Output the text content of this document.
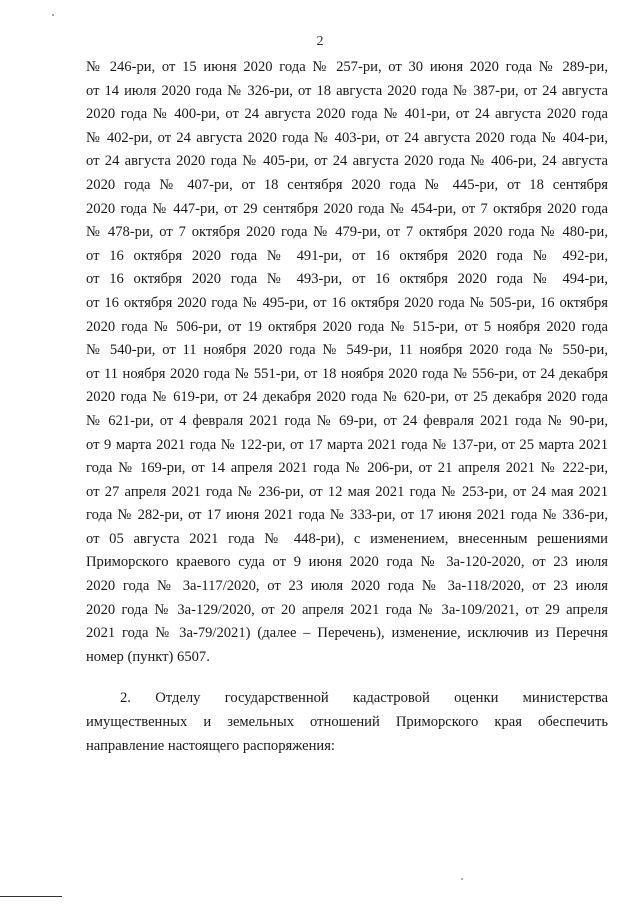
2
№ 246-ри, от 15 июня 2020 года № 257-ри, от 30 июня 2020 года № 289-ри,
от 14 июля 2020 года № 326-ри, от 18 августа 2020 года № 387-ри, от 24 августа
2020 года № 400-ри, от 24 августа 2020 года № 401-ри, от 24 августа 2020 года
№ 402-ри, от 24 августа 2020 года № 403-ри, от 24 августа 2020 года № 404-ри,
от 24 августа 2020 года № 405-ри, от 24 августа 2020 года № 406-ри, 24 августа
2020 года № 407-ри, от 18 сентября 2020 года № 445-ри, от 18 сентября
2020 года № 447-ри, от 29 сентября 2020 года № 454-ри, от 7 октября 2020 года
№ 478-ри, от 7 октября 2020 года № 479-ри, от 7 октября 2020 года № 480-ри,
от 16 октября 2020 года № 491-ри, от 16 октября 2020 года № 492-ри,
от 16 октября 2020 года № 493-ри, от 16 октября 2020 года № 494-ри,
от 16 октября 2020 года № 495-ри, от 16 октября 2020 года № 505-ри, 16 октября
2020 года № 506-ри, от 19 октября 2020 года № 515-ри, от 5 ноября 2020 года
№ 540-ри, от 11 ноября 2020 года № 549-ри, 11 ноября 2020 года № 550-ри,
от 11 ноября 2020 года № 551-ри, от 18 ноября 2020 года № 556-ри, от 24 декабря
2020 года № 619-ри, от 24 декабря 2020 года № 620-ри, от 25 декабря 2020 года
№ 621-ри, от 4 февраля 2021 года № 69-ри, от 24 февраля 2021 года № 90-ри,
от 9 марта 2021 года № 122-ри, от 17 марта 2021 года № 137-ри, от 25 марта 2021
года № 169-ри, от 14 апреля 2021 года № 206-ри, от 21 апреля 2021 № 222-ри,
от 27 апреля 2021 года № 236-ри, от 12 мая 2021 года № 253-ри, от 24 мая 2021
года № 282-ри, от 17 июня 2021 года № 333-ри, от 17 июня 2021 года № 336-ри,
от 05 августа 2021 года № 448-ри), с изменением, внесенным решениями
Приморского краевого суда от 9 июня 2020 года № 3а-120-2020, от 23 июля
2020 года № 3а-117/2020, от 23 июля 2020 года № 3а-118/2020, от 23 июля
2020 года № 3а-129/2020, от 20 апреля 2021 года № 3а-109/2021, от 29 апреля
2021 года № 3а-79/2021) (далее – Перечень), изменение, исключив из Перечня
номер (пункт) 6507.
2. Отделу государственной кадастровой оценки министерства
имущественных и земельных отношений Приморского края обеспечить
направление настоящего распоряжения:
